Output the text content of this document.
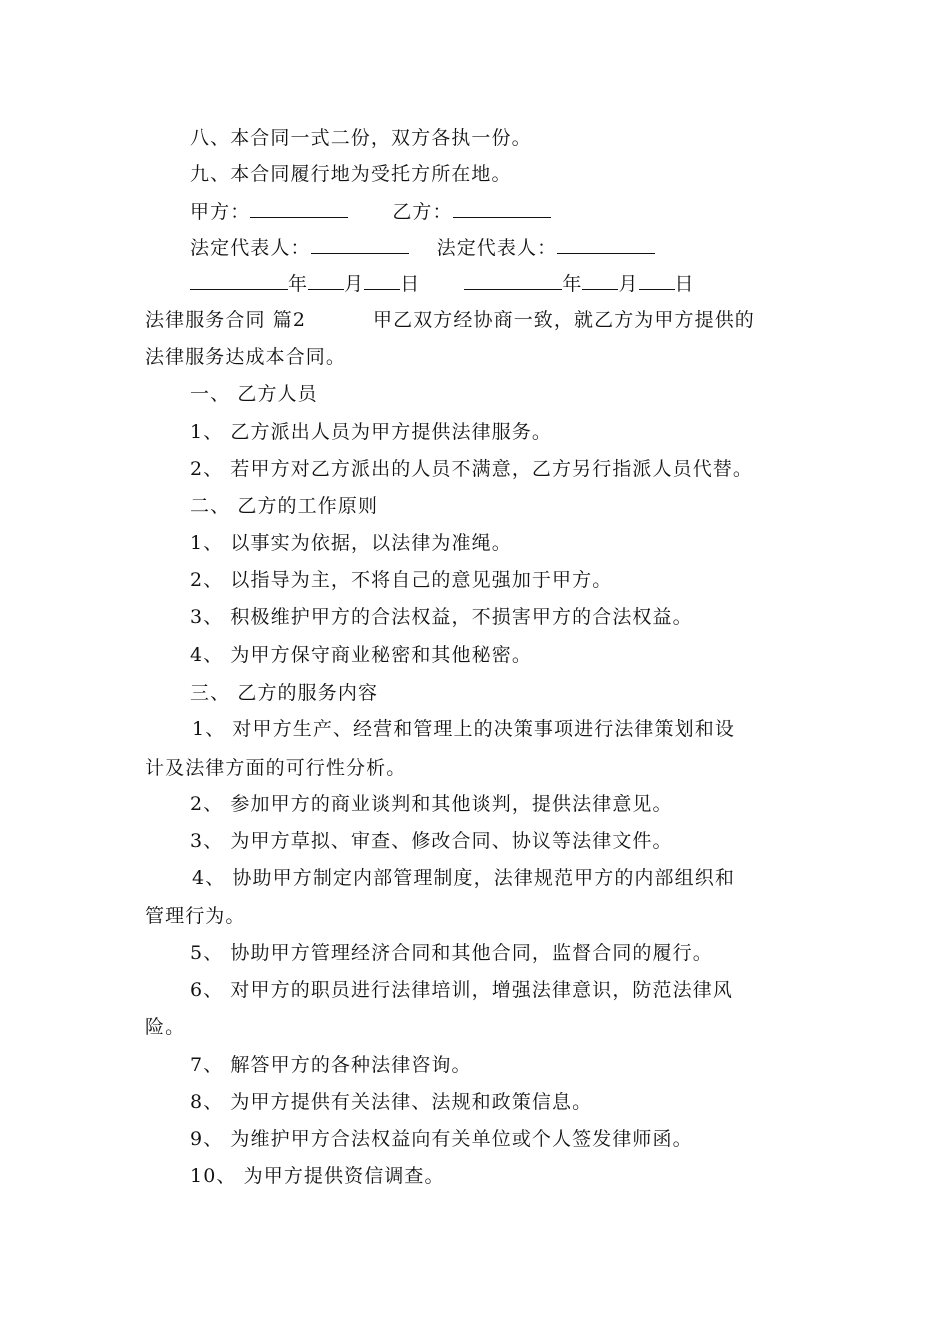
八、本合同一式二份，双方各执一份。
九、本合同履行地为受托方所在地。
甲方：	乙方：
法定代表人：	法定代表人：
年 月 日	年 月 日
法律服务合同 篇2	甲乙双方经协商一致，就乙方为甲方提供的
法律服务达成本合同。
一、 乙方人员
1、 乙方派出人员为甲方提供法律服务。
2、 若甲方对乙方派出的人员不满意，乙方另行指派人员代替。
二、 乙方的工作原则
1、 以事实为依据，以法律为准绳。
2、 以指导为主，不将自己的意见强加于甲方。
3、 积极维护甲方的合法权益，不损害甲方的合法权益。
4、 为甲方保守商业秘密和其他秘密。
三、 乙方的服务内容
1、 对甲方生产、经营和管理上的决策事项进行法律策划和设
计及法律方面的可行性分析。
2、 参加甲方的商业谈判和其他谈判，提供法律意见。
3、 为甲方草拟、审查、修改合同、协议等法律文件。
4、 协助甲方制定内部管理制度，法律规范甲方的内部组织和
管理行为。
5、 协助甲方管理经济合同和其他合同，监督合同的履行。
6、 对甲方的职员进行法律培训，增强法律意识，防范法律风
险。
7、 解答甲方的各种法律咨询。
8、 为甲方提供有关法律、法规和政策信息。
9、 为维护甲方合法权益向有关单位或个人签发律师函。
10、 为甲方提供资信调查。
